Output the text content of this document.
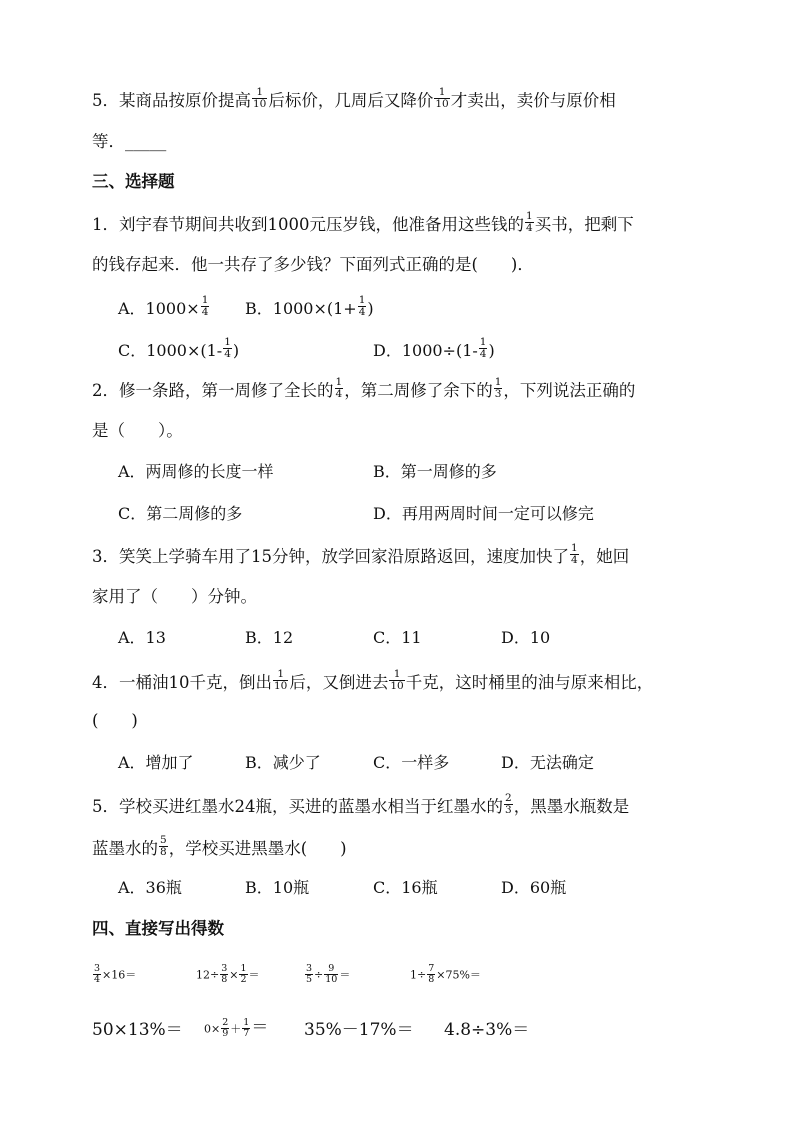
5．某商品按原价提高 $\frac{1}{10}$ 后标价，几周后又降价 $\frac{1}{10}$ 才卖出，卖价与原价相
等．_____
三、选择题
1．刘宇春节期间共收到1000元压岁钱，他准备用这些钱的 $\frac{1}{4}$ 买书，把剩下
的钱存起来．他一共存了多少钱？下面列式正确的是(　　)．
A．$1000\times \frac{1}{4}$ B．$1000\times(1+ \frac{1}{4}$ )
C．$1000\times(1- \frac{1}{4}$ )	D．$1000\div(1- \frac{1}{4}$ )
2．修一条路，第一周修了全长的 $\frac{1}{4}$ ，第二周修了余下的 $\frac{1}{3}$ ，下列说法正确的
是（　　）。
A．两周修的长度一样	B．第一周修的多
C．第二周修的多	D．再用两周时间一定可以修完
3．笑笑上学骑车用了15分钟，放学回家沿原路返回，速度加快了 $\frac{1}{4}$ ，她回
家用了（　　）分钟。
A．13	B．12	C．11	D．10
4．一桶油10千克，倒出 $\frac{1}{10}$ 后，又倒进去 $\frac{1}{10}$ 千克，这时桶里的油与原来相比，
(　　)
A．增加了	B．减少了	C．一样多	D．无法确定
5．学校买进红墨水24瓶，买进的蓝墨水相当于红墨水的 $\frac{2}{3}$ ，黑墨水瓶数是
蓝墨水的 $\frac{5}{8}$ ，学校买进黑墨水(　　)
A．36瓶	B．10瓶	C．16瓶	D．60瓶
四、直接写出得数
$\frac{3}{4} \times 16=$	$12\div \frac{3}{8} \times \frac{1}{2}$ ＝	$\frac{3}{5} \div \frac{9}{10}$ ＝	$1\div \frac{7}{8} \times 75\%=$
$50\times 13\%= 0\times \frac{2}{9} + \frac{1}{7} = 35\%-17\%= 4.8\div 3\%=$
